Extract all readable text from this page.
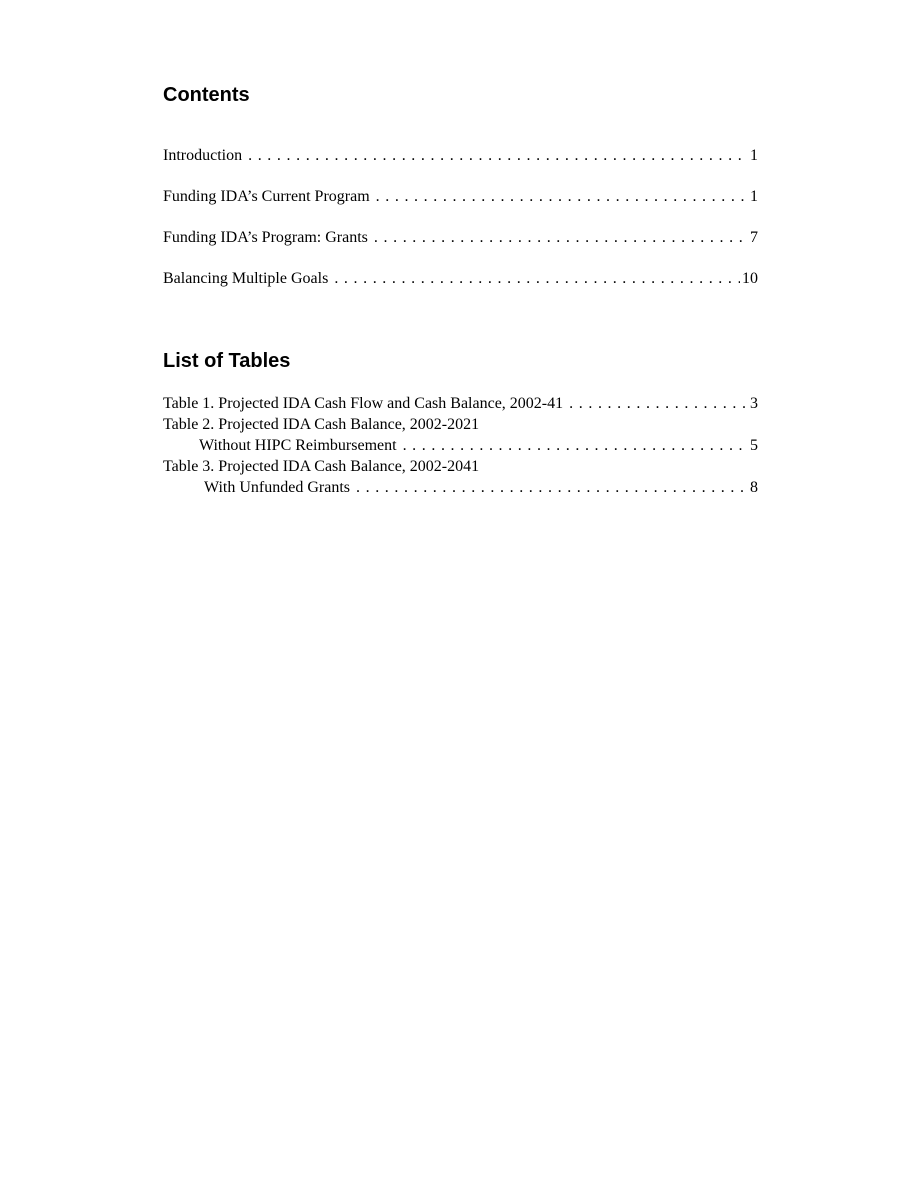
Contents
Introduction . . .	1
Funding IDA’s Current Program . . .	1
Funding IDA’s Program: Grants . . .	7
Balancing Multiple Goals . . .	10
List of Tables
Table 1. Projected IDA Cash Flow and Cash Balance, 2002-41 . . .	3
Table 2. Projected IDA Cash Balance, 2002-2021
Without HIPC Reimbursement . . .	5
Table 3. Projected IDA Cash Balance, 2002-2041
With Unfunded Grants . . .	8
